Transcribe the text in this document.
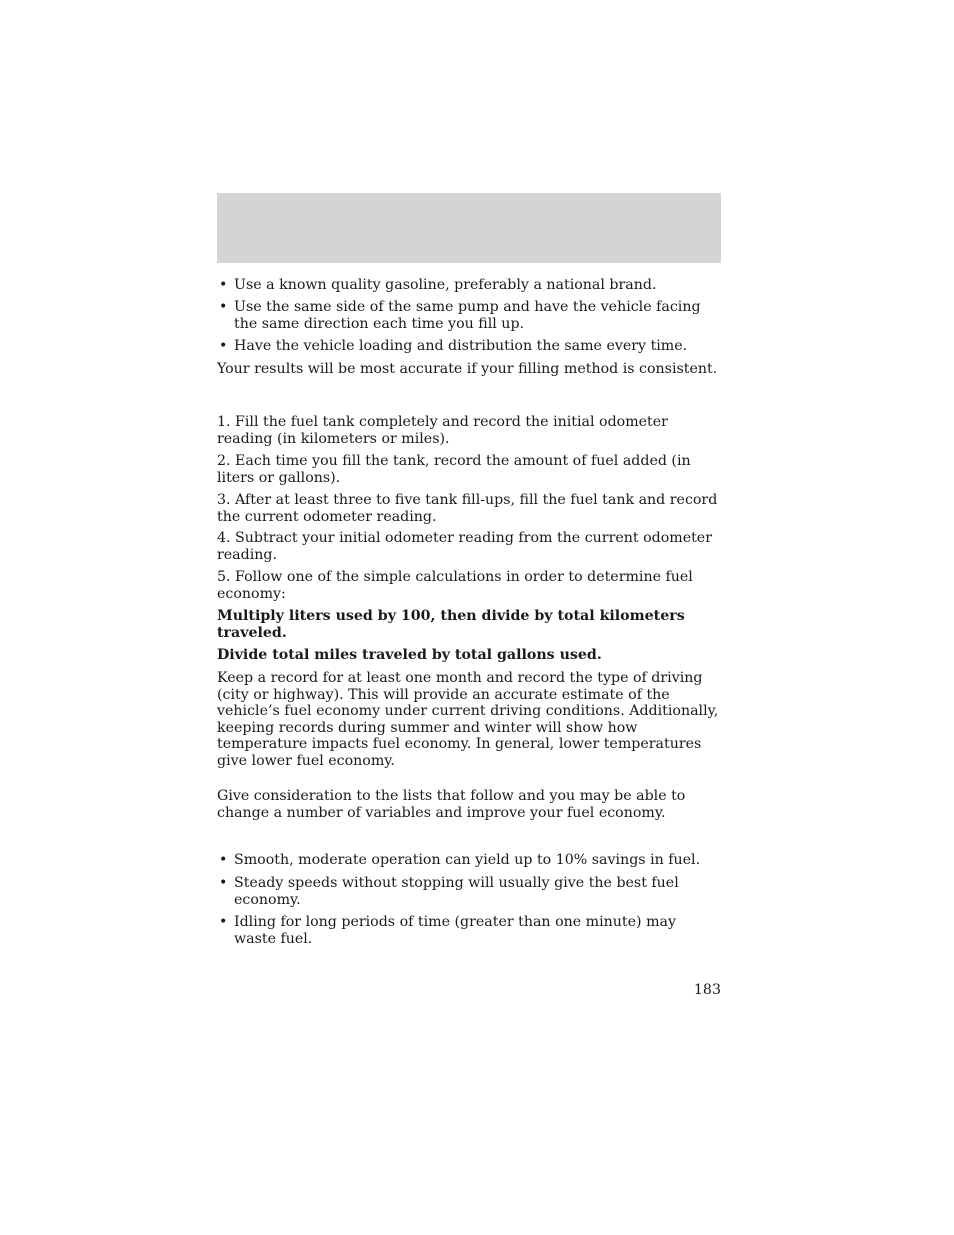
• Use a known quality gasoline, preferably a national brand.

• Use the same side of the same pump and have the vehicle facing the same direction each time you fill up.

• Have the vehicle loading and distribution the same every time.

Your results will be most accurate if your filling method is consistent.

1. Fill the fuel tank completely and record the initial odometer reading (in kilometers or miles).

2. Each time you fill the tank, record the amount of fuel added (in liters or gallons).

3. After at least three to five tank fill-ups, fill the fuel tank and record the current odometer reading.

4. Subtract your initial odometer reading from the current odometer reading.

5. Follow one of the simple calculations in order to determine fuel economy:

Multiply liters used by 100, then divide by total kilometers traveled.

Divide total miles traveled by total gallons used.

Keep a record for at least one month and record the type of driving (city or highway). This will provide an accurate estimate of the vehicle’s fuel economy under current driving conditions. Additionally, keeping records during summer and winter will show how temperature impacts fuel economy. In general, lower temperatures give lower fuel economy.

Give consideration to the lists that follow and you may be able to change a number of variables and improve your fuel economy.

• Smooth, moderate operation can yield up to 10% savings in fuel.

• Steady speeds without stopping will usually give the best fuel economy.

• Idling for long periods of time (greater than one minute) may waste fuel.

183
